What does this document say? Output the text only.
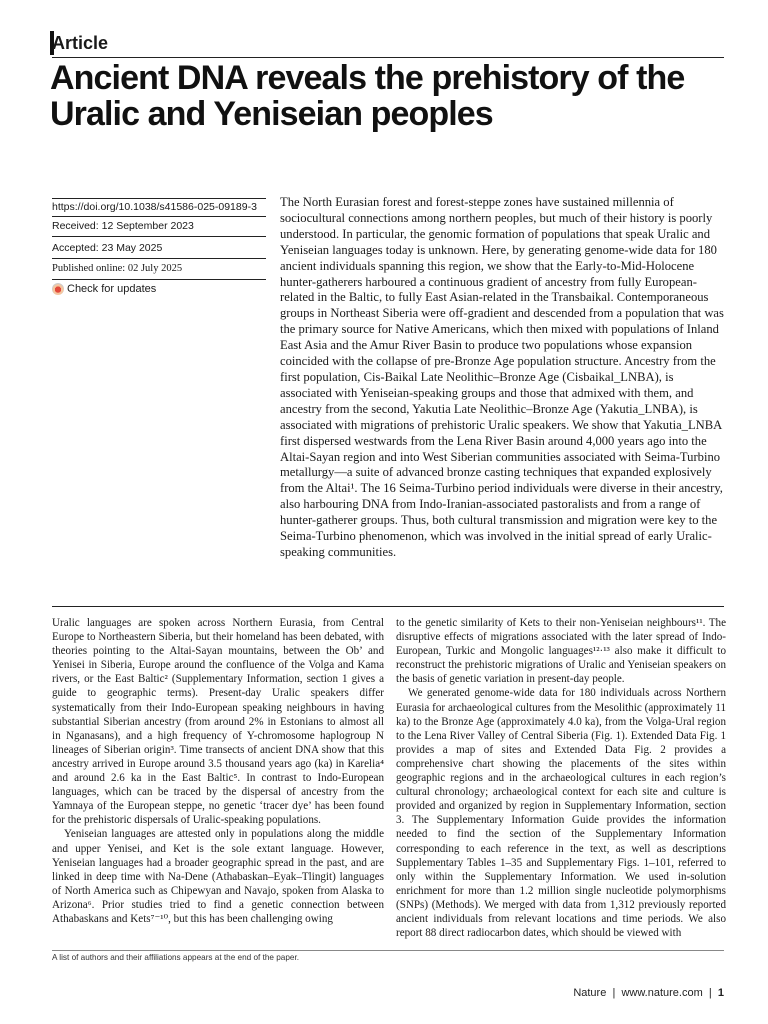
Article
Ancient DNA reveals the prehistory of the
Uralic and Yeniseian peoples
https://doi.org/10.1038/s41586-025-09189-3
Received: 12 September 2023
Accepted: 23 May 2025
Published online: 02 July 2025
Check for updates
The North Eurasian forest and forest-steppe zones have sustained millennia of sociocultural connections among northern peoples, but much of their history is poorly understood. In particular, the genomic formation of populations that speak Uralic and Yeniseian languages today is unknown. Here, by generating genome-wide data for 180 ancient individuals spanning this region, we show that the Early-to-Mid-Holocene hunter-gatherers harboured a continuous gradient of ancestry from fully European-related in the Baltic, to fully East Asian-related in the Transbaikal. Contemporaneous groups in Northeast Siberia were off-gradient and descended from a population that was the primary source for Native Americans, which then mixed with populations of Inland East Asia and the Amur River Basin to produce two populations whose expansion coincided with the collapse of pre-Bronze Age population structure. Ancestry from the first population, Cis-Baikal Late Neolithic–Bronze Age (Cisbaikal_LNBA), is associated with Yeniseian-speaking groups and those that admixed with them, and ancestry from the second, Yakutia Late Neolithic–Bronze Age (Yakutia_LNBA), is associated with migrations of prehistoric Uralic speakers. We show that Yakutia_LNBA first dispersed westwards from the Lena River Basin around 4,000 years ago into the Altai-Sayan region and into West Siberian communities associated with Seima-Turbino metallurgy—a suite of advanced bronze casting techniques that expanded explosively from the Altai¹. The 16 Seima-Turbino period individuals were diverse in their ancestry, also harbouring DNA from Indo-Iranian-associated pastoralists and from a range of hunter-gatherer groups. Thus, both cultural transmission and migration were key to the Seima-Turbino phenomenon, which was involved in the initial spread of early Uralic-speaking communities.

Uralic languages are spoken across Northern Eurasia, from Central Europe to Northeastern Siberia, but their homeland has been debated, with theories pointing to the Altai-Sayan mountains, between the Ob’ and Yenisei in Siberia, Europe around the confluence of the Volga and Kama rivers, or the East Baltic² (Supplementary Information, section 1 gives a guide to geographic terms). Present-day Uralic speakers differ systematically from their Indo-European speaking neighbours in having substantial Siberian ancestry (from around 2% in Estonians to almost all in Nganasans), and a high frequency of Y-chromosome haplogroup N lineages of Siberian origin³. Time transects of ancient DNA show that this ancestry arrived in Europe around 3.5 thousand years ago (ka) in Karelia⁴ and around 2.6 ka in the East Baltic⁵. In contrast to Indo-European languages, which can be traced by the dispersal of ancestry from the Yamnaya of the European steppe, no genetic ‘tracer dye’ has been found for the prehistoric dispersals of Uralic-speaking populations.

Yeniseian languages are attested only in populations along the middle and upper Yenisei, and Ket is the sole extant language. However, Yeniseian languages had a broader geographic spread in the past, and are linked in deep time with Na-Dene (Athabaskan–Eyak–Tlingit) languages of North America such as Chipewyan and Navajo, spoken from Alaska to Arizona⁶. Prior studies tried to find a genetic connection between Athabaskans and Kets⁷⁻¹⁰, but this has been challenging owing

to the genetic similarity of Kets to their non-Yeniseian neighbours¹¹. The disruptive effects of migrations associated with the later spread of Indo-European, Turkic and Mongolic languages¹²·¹³ also make it difficult to reconstruct the prehistoric migrations of Uralic and Yeniseian speakers on the basis of genetic variation in present-day people.

We generated genome-wide data for 180 individuals across Northern Eurasia for archaeological cultures from the Mesolithic (approximately 11 ka) to the Bronze Age (approximately 4.0 ka), from the Volga-Ural region to the Lena River Valley of Central Siberia (Fig. 1). Extended Data Fig. 1 provides a map of sites and Extended Data Fig. 2 provides a comprehensive chart showing the placements of the sites within geographic regions and in the archaeological cultures in each region’s cultural chronology; archaeological context for each site and culture is provided and organized by region in Supplementary Information, section 3. The Supplementary Information Guide provides the information needed to find the section of the Supplementary Information corresponding to each reference in the text, as well as descriptions Supplementary Tables 1–35 and Supplementary Figs. 1–101, referred to only within the Supplementary Information. We used in-solution enrichment for more than 1.2 million single nucleotide polymorphisms (SNPs) (Methods). We merged with data from 1,312 previously reported ancient individuals from relevant locations and time periods. We also report 88 direct radiocarbon dates, which should be viewed with

A list of authors and their affiliations appears at the end of the paper.
Nature | www.nature.com | 1
